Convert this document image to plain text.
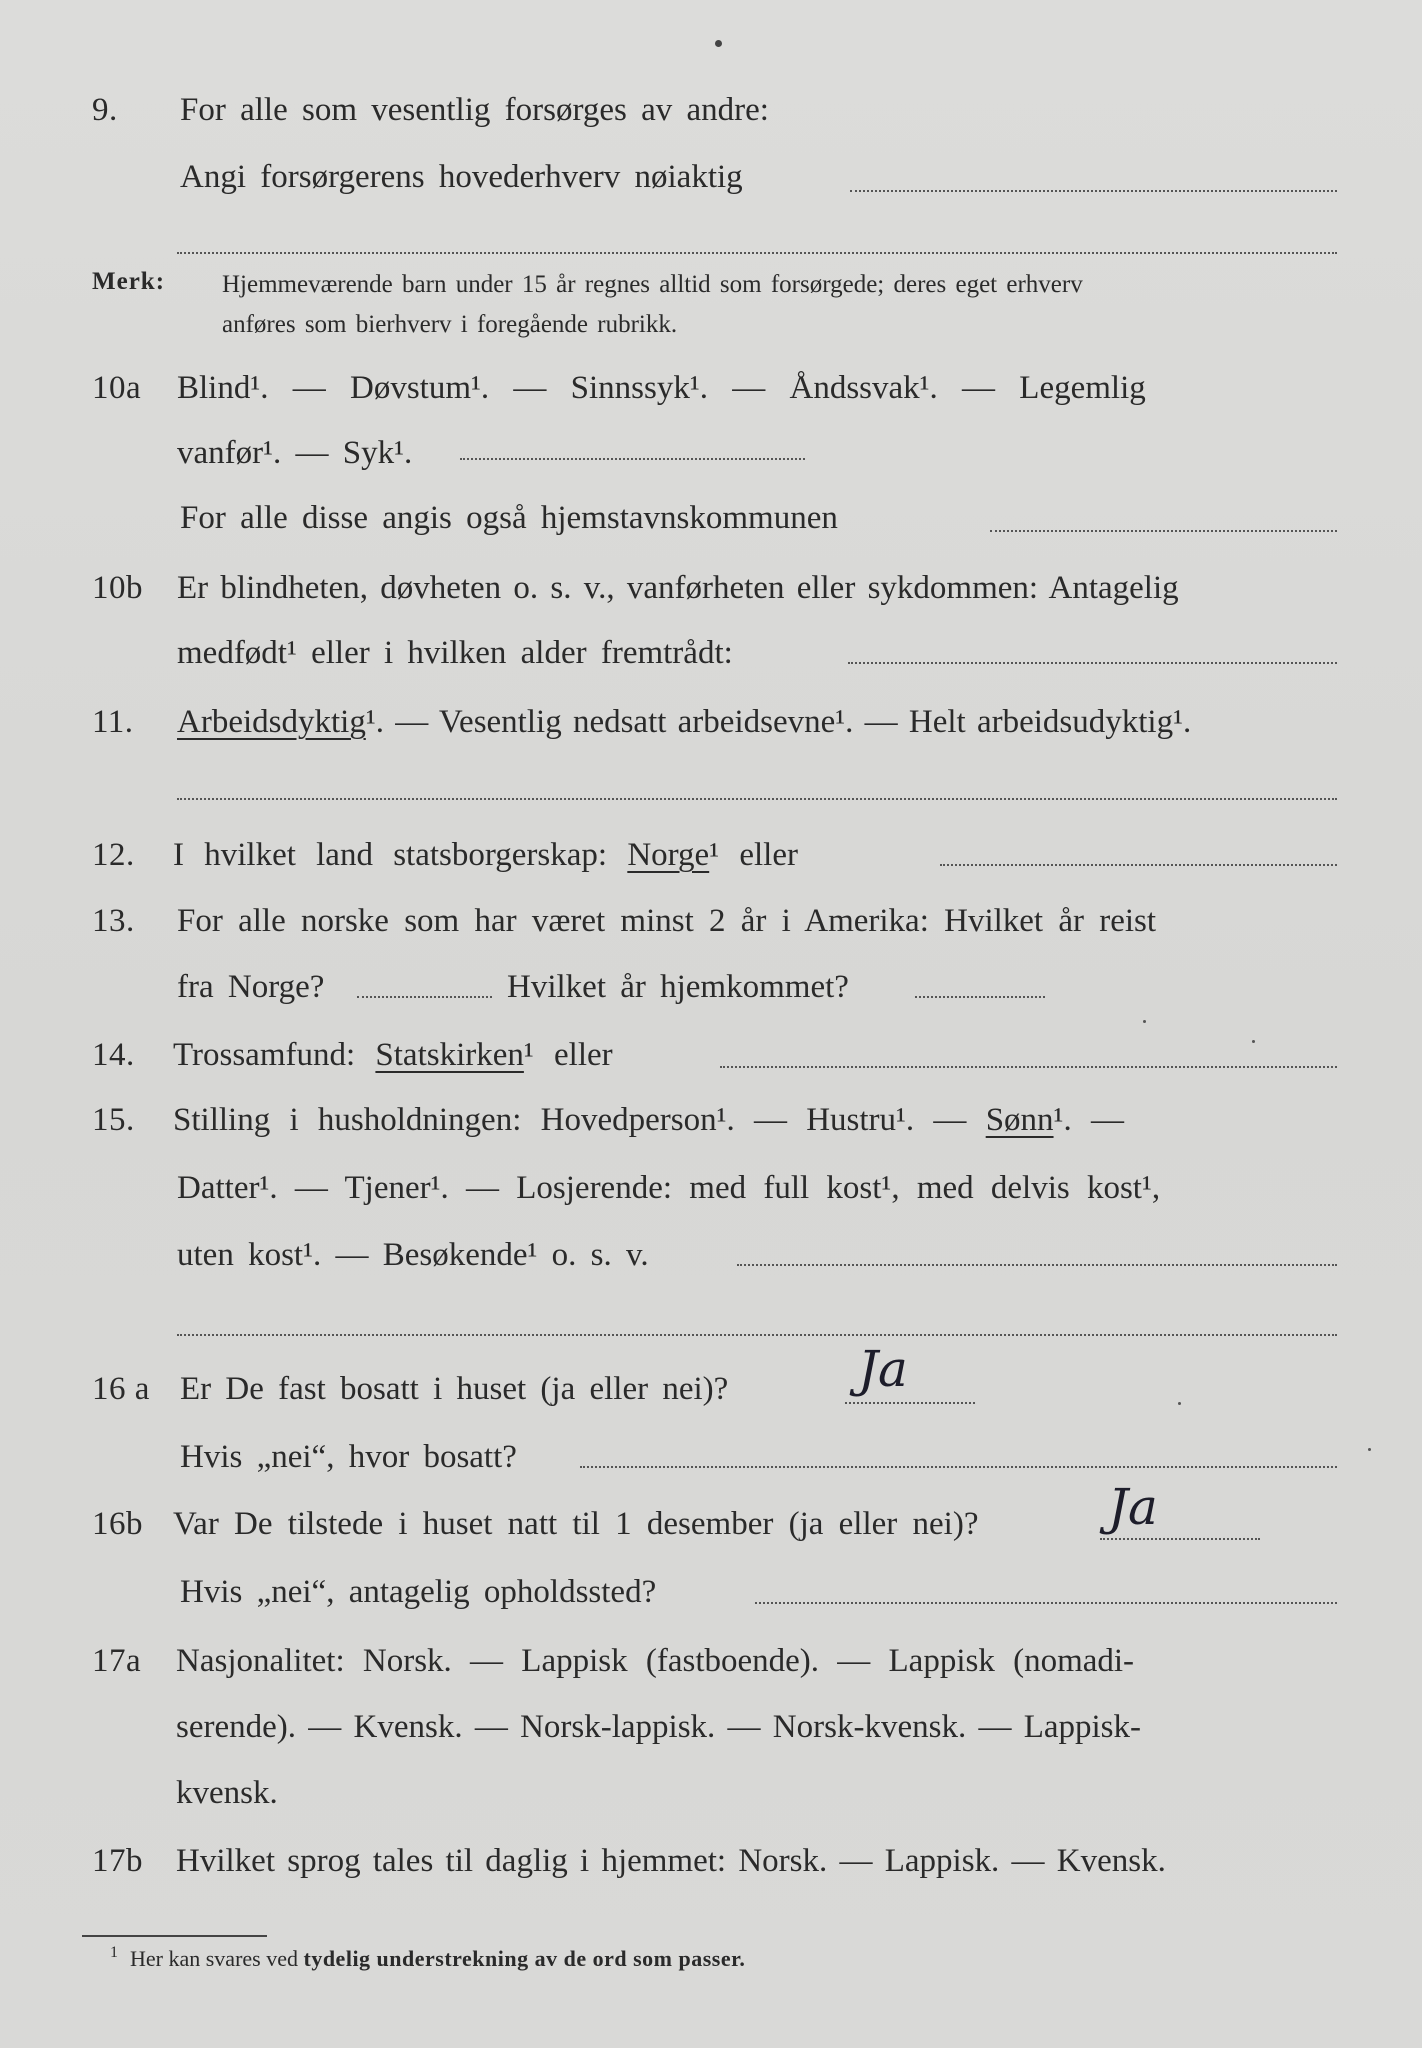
9. For alle som vesentlig forsørges av andre:
Angi forsørgerens hovederhverv nøiaktig
Merk: Hjemmeværende barn under 15 år regnes alltid som forsørgede; deres eget erhverv
anføres som bierhverv i foregående rubrikk.
10a Blind¹. — Døvstum¹. — Sinnssyk¹. — Åndssvak¹. — Legemlig
vanfør¹. — Syk¹.
For alle disse angis også hjemstavnskommunen
10b Er blindheten, døvheten o. s. v., vanførheten eller sykdommen: Antagelig
medfødt¹ eller i hvilken alder fremtrådt:
11. Arbeidsdyktig¹. — Vesentlig nedsatt arbeidsevne¹. — Helt arbeidsudyktig¹.
12. I hvilket land statsborgerskap: Norge¹ eller
13. For alle norske som har været minst 2 år i Amerika: Hvilket år reist
fra Norge?	Hvilket år hjemkommet?
14. Trossamfund: Statskirken¹ eller
15. Stilling i husholdningen: Hovedperson¹. — Hustru¹. — Sønn¹. —
Datter¹. — Tjener¹. — Losjerende: med full kost¹, med delvis kost¹,
uten kost¹. — Besøkende¹ o. s. v.
16 a Er De fast bosatt i huset (ja eller nei)?	Ja
Hvis „nei“, hvor bosatt?
16b Var De tilstede i huset natt til 1 desember (ja eller nei)?	Ja
Hvis „nei“, antagelig opholdssted?
17a Nasjonalitet: Norsk. — Lappisk (fastboende). — Lappisk (nomadi-
serende). — Kvensk. — Norsk-lappisk. — Norsk-kvensk. — Lappisk-
kvensk.
17b Hvilket sprog tales til daglig i hjemmet: Norsk. — Lappisk. — Kvensk.
1 Her kan svares ved tydelig understrekning av de ord som passer.
